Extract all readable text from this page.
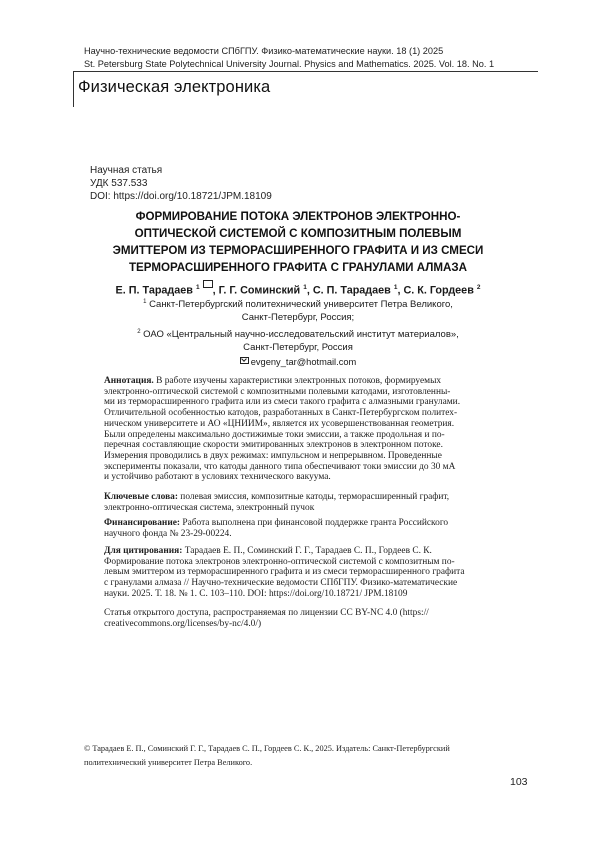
Научно-технические ведомости СПбГПУ. Физико-математические науки. 18 (1) 2025
St. Petersburg State Polytechnical University Journal. Physics and Mathematics. 2025. Vol. 18. No. 1
Физическая электроника
Научная статья
УДК 537.533
DOI: https://doi.org/10.18721/JPM.18109
ФОРМИРОВАНИЕ ПОТОКА ЭЛЕКТРОНОВ ЭЛЕКТРОННО-
ОПТИЧЕСКОЙ СИСТЕМОЙ С КОМПОЗИТНЫМ ПОЛЕВЫМ
ЭМИТТЕРОМ ИЗ ТЕРМОРАСШИРЕННОГО ГРАФИТА И ИЗ СМЕСИ
ТЕРМОРАСШИРЕННОГО ГРАФИТА С ГРАНУЛАМИ АЛМАЗА
Е. П. Тарадаев $^1$ , Г. Г. Соминский $^1$, С. П. Тарадаев $^1$, С. К. Гордеев $^2$
$^1$ Санкт-Петербургский политехнический университет Петра Великого,
Санкт-Петербург, Россия;
$^2$ ОАО «Центральный научно-исследовательский институт материалов»,
Санкт-Петербург, Россия
evgeny_tar@hotmail.com
Аннотация. В работе изучены характеристики электронных потоков, формируемых
электронно-оптической системой с композитными полевыми катодами, изготовленны-
ми из терморасширенного графита или из смеси такого графита с алмазными гранулами.
Отличительной особенностью катодов, разработанных в Санкт-Петербургском политех-
ническом университете и АО «ЦНИИМ», является их усовершенствованная геометрия.
Были определены максимально достижимые токи эмиссии, а также продольная и по-
перечная составляющие скорости эмитированных электронов в электронном потоке.
Измерения проводились в двух режимах: импульсном и непрерывном. Проведенные
эксперименты показали, что катоды данного типа обеспечивают токи эмиссии до 30 мА
и устойчиво работают в условиях технического вакуума.
Ключевые слова: полевая эмиссия, композитные катоды, терморасширенный графит,
электронно-оптическая система, электронный пучок
Финансирование: Работа выполнена при финансовой поддержке гранта Российского
научного фонда № 23-29-00224.
Для цитирования: Тарадаев Е. П., Соминский Г. Г., Тарадаев С. П., Гордеев С. К.
Формирование потока электронов электронно-оптической системой с композитным по-
левым эмиттером из терморасширенного графита и из смеси терморасширенного графита
с гранулами алмаза // Научно-технические ведомости СПбГПУ. Физико-математические
науки. 2025. Т. 18. № 1. С. 103–110. DOI: https://doi.org/10.18721/ JPM.18109
Статья открытого доступа, распространяемая по лицензии CC BY-NC 4.0 (https://
creativecommons.org/licenses/by-nc/4.0/)
© Тарадаев Е. П., Соминский Г. Г., Тарадаев С. П., Гордеев С. К., 2025. Издатель: Санкт-Петербургский
политехнический университет Петра Великого.
103
